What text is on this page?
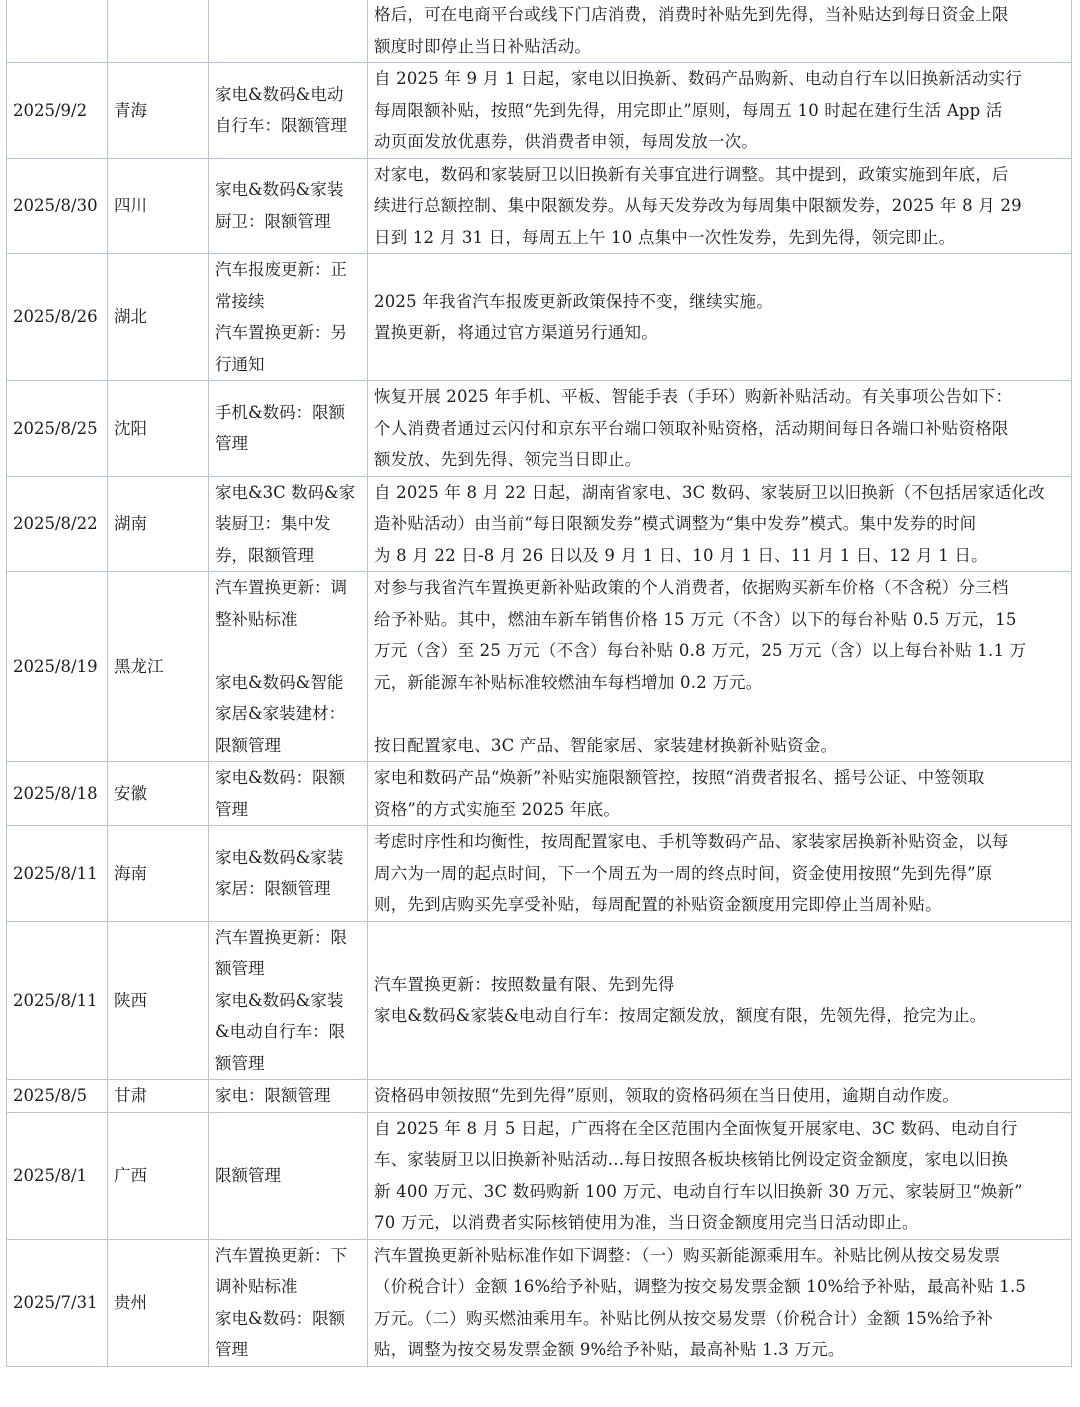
			格后，可在电商平台或线下门店消费，消费时补贴先到先得，当补贴达到每日资金上限
额度时即停止当日补贴活动。

2025/9/2	青海	家电&数码&电动
自行车：限额管理	自 2025 年 9 月 1 日起，家电以旧换新、数码产品购新、电动自行车以旧换新活动实行
每周限额补贴，按照“先到先得，用完即止”原则，每周五 10 时起在建行生活 App 活
动页面发放优惠券，供消费者申领，每周发放一次。

2025/8/30	四川	家电&数码&家装
厨卫：限额管理	对家电，数码和家装厨卫以旧换新有关事宜进行调整。其中提到，政策实施到年底，后
续进行总额控制、集中限额发券。从每天发券改为每周集中限额发券，2025 年 8 月 29
日到 12 月 31 日，每周五上午 10 点集中一次性发券，先到先得，领完即止。

2025/8/26	湖北	汽车报废更新：正
常接续
汽车置换更新：另
行通知	2025 年我省汽车报废更新政策保持不变，继续实施。
置换更新，将通过官方渠道另行通知。

2025/8/25	沈阳	手机&数码：限额
管理	恢复开展 2025 年手机、平板、智能手表（手环）购新补贴活动。有关事项公告如下：
个人消费者通过云闪付和京东平台端口领取补贴资格，活动期间每日各端口补贴资格限
额发放、先到先得、领完当日即止。

2025/8/22	湖南	家电&3C 数码&家
装厨卫：集中发
券，限额管理	自 2025 年 8 月 22 日起，湖南省家电、3C 数码、家装厨卫以旧换新（不包括居家适化改
造补贴活动）由当前“每日限额发券”模式调整为“集中发券”模式。集中发券的时间
为 8 月 22 日-8 月 26 日以及 9 月 1 日、10 月 1 日、11 月 1 日、12 月 1 日。

2025/8/19	黑龙江	汽车置换更新：调
整补贴标准
家电&数码&智能
家居&家装建材：
限额管理	对参与我省汽车置换更新补贴政策的个人消费者，依据购买新车价格（不含税）分三档
给予补贴。其中，燃油车新车销售价格 15 万元（不含）以下的每台补贴 0.5 万元，15
万元（含）至 25 万元（不含）每台补贴 0.8 万元，25 万元（含）以上每台补贴 1.1 万
元，新能源车补贴标准较燃油车每档增加 0.2 万元。
按日配置家电、3C 产品、智能家居、家装建材换新补贴资金。

2025/8/18	安徽	家电&数码：限额
管理	家电和数码产品“焕新”补贴实施限额管控，按照“消费者报名、摇号公证、中签领取
资格”的方式实施至 2025 年底。

2025/8/11	海南	家电&数码&家装
家居：限额管理	考虑时序性和均衡性，按周配置家电、手机等数码产品、家装家居换新补贴资金，以每
周六为一周的起点时间，下一个周五为一周的终点时间，资金使用按照“先到先得”原
则，先到店购买先享受补贴，每周配置的补贴资金额度用完即停止当周补贴。

2025/8/11	陕西	汽车置换更新：限
额管理
家电&数码&家装
&电动自行车：限
额管理	汽车置换更新：按照数量有限、先到先得
家电&数码&家装&电动自行车：按周定额发放，额度有限，先领先得，抢完为止。

2025/8/5	甘肃	家电：限额管理	资格码申领按照“先到先得”原则，领取的资格码须在当日使用，逾期自动作废。

2025/8/1	广西	限额管理	自 2025 年 8 月 5 日起，广西将在全区范围内全面恢复开展家电、3C 数码、电动自行
车、家装厨卫以旧换新补贴活动...每日按照各板块核销比例设定资金额度，家电以旧换
新 400 万元、3C 数码购新 100 万元、电动自行车以旧换新 30 万元、家装厨卫“焕新”
70 万元，以消费者实际核销使用为准，当日资金额度用完当日活动即止。

2025/7/31	贵州	汽车置换更新：下
调补贴标准
家电&数码：限额
管理	汽车置换更新补贴标准作如下调整：（一）购买新能源乘用车。补贴比例从按交易发票
（价税合计）金额 16%给予补贴，调整为按交易发票金额 10%给予补贴，最高补贴 1.5
万元。（二）购买燃油乘用车。补贴比例从按交易发票（价税合计）金额 15%给予补
贴，调整为按交易发票金额 9%给予补贴，最高补贴 1.3 万元。
